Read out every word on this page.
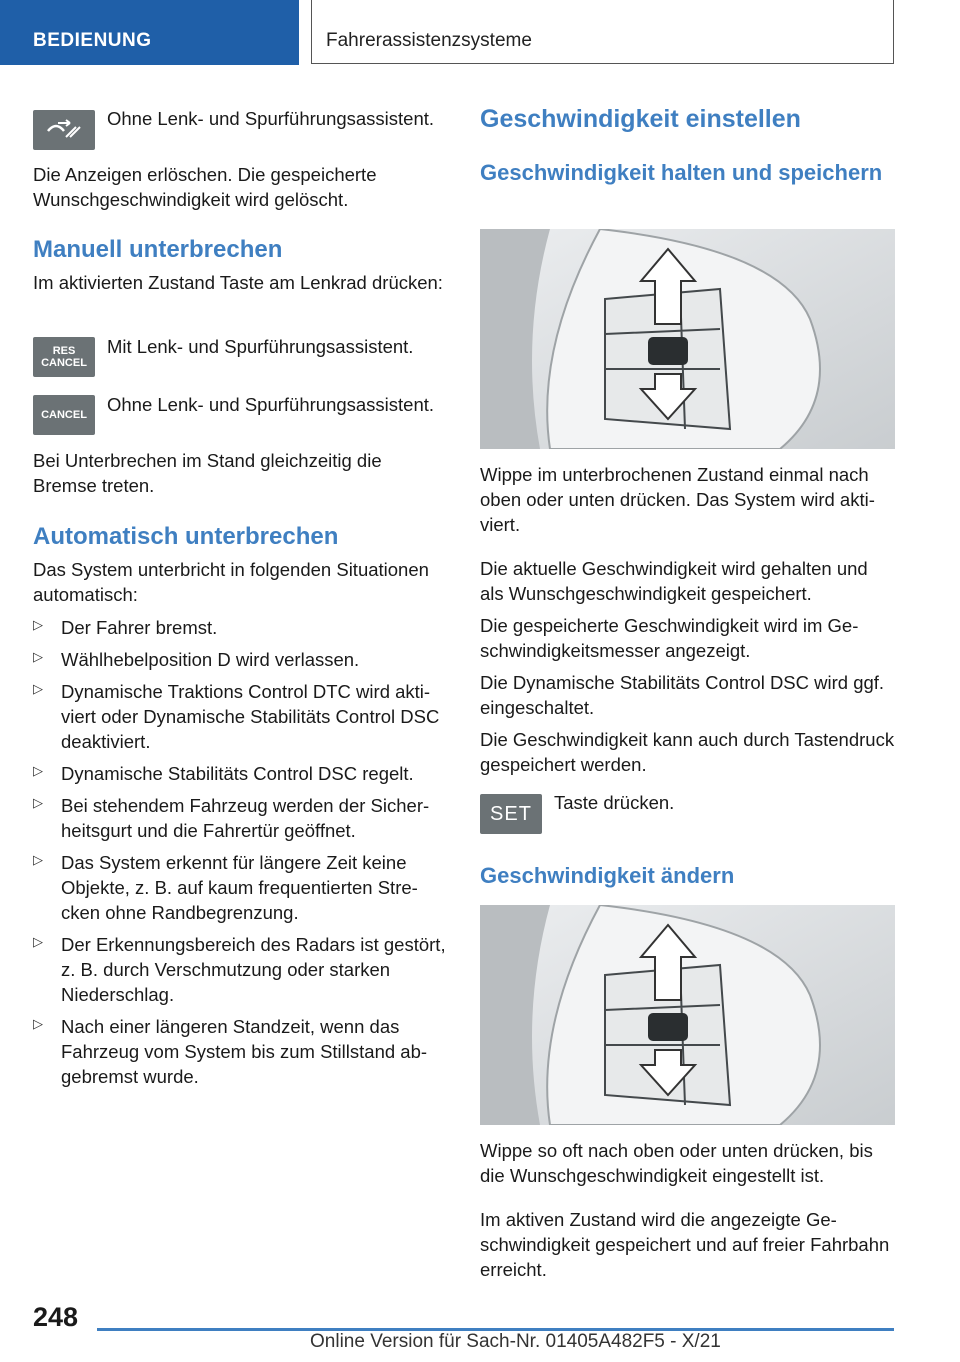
BEDIENUNG	Fahrerassistenzsysteme

Ohne Lenk- und Spurführungsassistent.

Die Anzeigen erlöschen. Die gespeicherte Wunschgeschwindigkeit wird gelöscht.

Manuell unterbrechen

Im aktivierten Zustand Taste am Lenkrad drücken:

RES
CANCEL

Mit Lenk- und Spurführungsassistent.

CANCEL Ohne Lenk- und Spurführungsassistent.

Bei Unterbrechen im Stand gleichzeitig die Bremse treten.

Automatisch unterbrechen

Das System unterbricht in folgenden Situationen automatisch:

▷ Der Fahrer bremst.

▷ Wählhebelposition D wird verlassen.

▷ Dynamische Traktions Control DTC wird aktiviert oder Dynamische Stabilitäts Control DSC deaktiviert.

▷ Dynamische Stabilitäts Control DSC regelt.

▷ Bei stehendem Fahrzeug werden der Sicherheitsgurt und die Fahrertür geöffnet.

▷ Das System erkennt für längere Zeit keine Objekte, z. B. auf kaum frequentierten Strecken ohne Randbegrenzung.

▷ Der Erkennungsbereich des Radars ist gestört, z. B. durch Verschmutzung oder starken Niederschlag.

▷ Nach einer längeren Standzeit, wenn das Fahrzeug vom System bis zum Stillstand abgebremst wurde.

Geschwindigkeit einstellen
Geschwindigkeit halten und speichern

Wippe im unterbrochenen Zustand einmal nach oben oder unten drücken. Das System wird aktiviert.

Die aktuelle Geschwindigkeit wird gehalten und als Wunschgeschwindigkeit gespeichert.

Die gespeicherte Geschwindigkeit wird im Geschwindigkeitsmesser angezeigt.

Die Dynamische Stabilitäts Control DSC wird ggf. eingeschaltet.

Die Geschwindigkeit kann auch durch Tastendruck gespeichert werden.

SET Taste drücken.

Geschwindigkeit ändern

Wippe so oft nach oben oder unten drücken, bis die Wunschgeschwindigkeit eingestellt ist.

Im aktiven Zustand wird die angezeigte Geschwindigkeit gespeichert und auf freier Fahrbahn erreicht.

248
Online Version für Sach-Nr. 01405A482F5 - X/21
